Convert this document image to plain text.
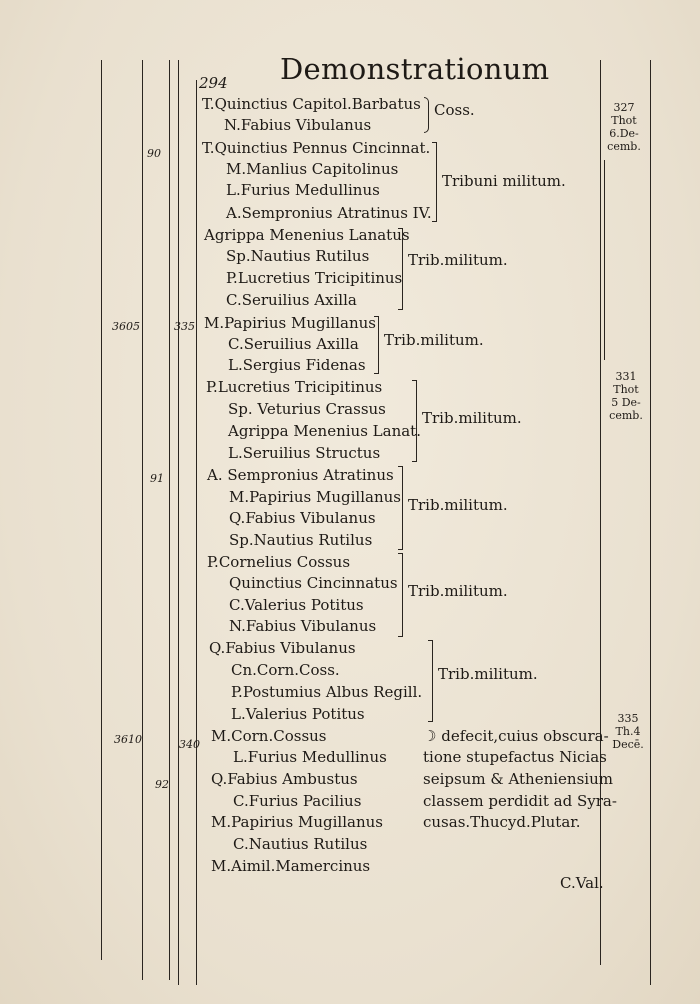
294 Demonstrationum
T.Quinctius Capitol.Barbatus
N.Fabius Vibulanus
T.Quinctius Pennus Cincinnat.
M.Manlius Capitolinus
L.Furius Medullinus
A.Sempronius Atratinus IV.
Agrippa Menenius Lanatus
Sp.Nautius Rutilus
P.Lucretius Tricipitinus
C.Seruilius Axilla
M.Papirius Mugillanus
C.Seruilius Axilla
L.Sergius Fidenas
P.Lucretius Tricipitinus
Sp. Veturius Crassus
Agrippa Menenius Lanat.
L.Seruilius Structus
A. Sempronius Atratinus
M.Papirius Mugillanus
Q.Fabius Vibulanus
Sp.Nautius Rutilus
P.Cornelius Cossus
Quinctius Cincinnatus
C.Valerius Potitus
N.Fabius Vibulanus
Q.Fabius Vibulanus
Cn.Corn.Coss.
P.Postumius Albus Regill.
L.Valerius Potitus
M.Corn.Cossus
L.Furius Medullinus
Q.Fabius Ambustus
C.Furius Pacilius
M.Papirius Mugillanus
C.Nautius Rutilus
M.Aimil.Mamercinus
Coss.
Tribuni militum.
Trib.militum.
Trib.militum.
Trib.militum.
Trib.militum.
Trib.militum.
Trib.militum.
90
3605	335
91
3610	340
92
327
Thot
6.De-
cemb.
331
Thot
5 De-
cemb.
335
Th.4
Decē.
☽ defecit,cuius obscura-
tione stupefactus Nicias
seipsum & Atheniensium
classem perdidit ad Syra-
cusas.Thucyd.Plutar.
C.Val.
